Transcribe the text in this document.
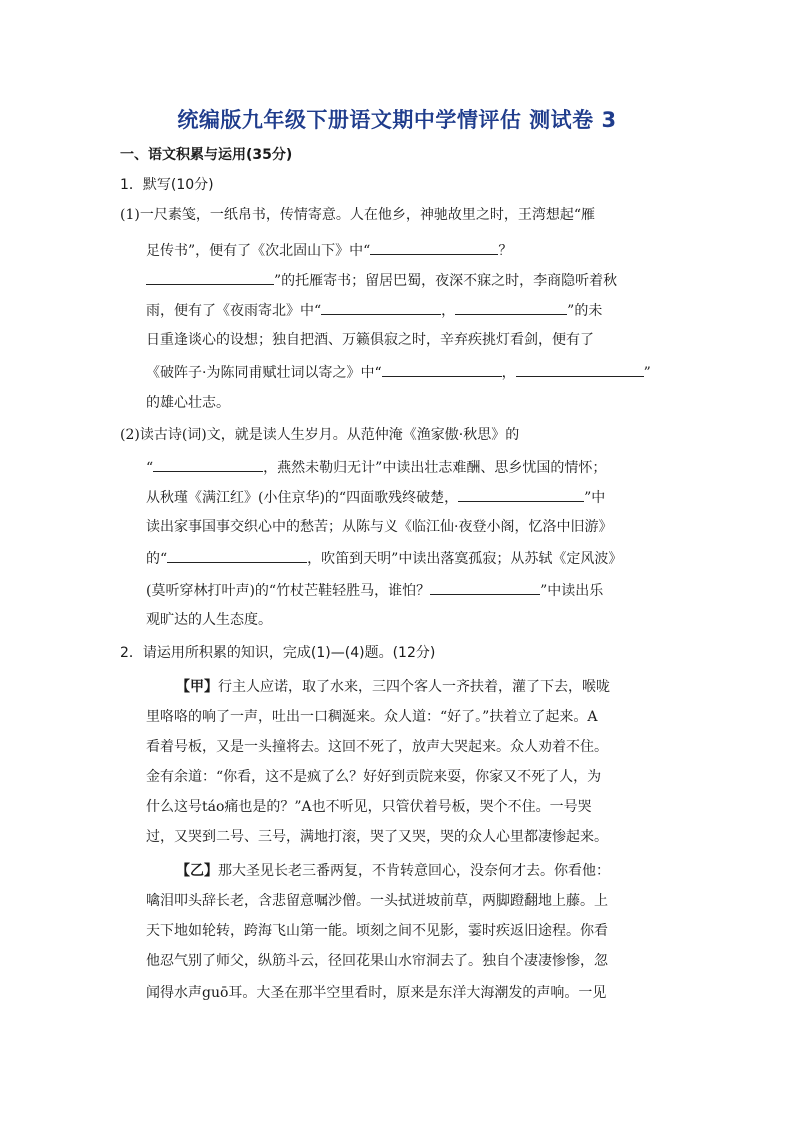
统编版九年级下册语文期中学情评估 测试卷 3
一、语文积累与运用(35分)
1．默写(10分)
(1)一尺素笺，一纸帛书，传情寄意。人在他乡，神驰故里之时，王湾想起“雁
足传书”，便有了《次北固山下》中“	？
”的托雁寄书；留居巴蜀，夜深不寐之时，李商隐听着秋
雨，便有了《夜雨寄北》中“	，	”的未
日重逢谈心的设想；独自把酒、万籁俱寂之时，辛弃疾挑灯看剑，便有了
《破阵子·为陈同甫赋壮词以寄之》中“	，	”
的雄心壮志。
(2)读古诗(词)文，就是读人生岁月。从范仲淹《渔家傲·秋思》的
“	，燕然未勒归无计”中读出壮志难酬、思乡忧国的情怀；
从秋瑾《满江红》(小住京华)的“四面歌残终破楚，	”中
读出家事国事交织心中的愁苦；从陈与义《临江仙·夜登小阁，忆洛中旧游》
的“	，吹笛到天明”中读出落寞孤寂；从苏轼《定风波》
(莫听穿林打叶声)的“竹杖芒鞋轻胜马，谁怕？	”中读出乐
观旷达的人生态度。
2．请运用所积累的知识，完成(1)—(4)题。(12分)
【甲】行主人应诺，取了水来，三四个客人一齐扶着，灌了下去，喉咙
里咯咯的响了一声，吐出一口稠涎来。众人道：“好了。”扶着立了起来。A
看着号板，又是一头撞将去。这回不死了，放声大哭起来。众人劝着不住。
金有余道：“你看，这不是疯了么？好好到贡院来耍，你家又不死了人，为
什么这号táo痛也是的？”A也不听见，只管伏着号板，哭个不住。一号哭
过，又哭到二号、三号，满地打滚，哭了又哭，哭的众人心里都凄惨起来。
【乙】那大圣见长老三番两复，不肯转意回心，没奈何才去。你看他：
噙泪叩头辞长老，含悲留意嘱沙僧。一头拭迸坡前草，两脚蹬翻地上藤。上
天下地如轮转，跨海飞山第一能。顷刻之间不见影，霎时疾返旧途程。你看
他忍气别了师父，纵筋斗云，径回花果山水帘洞去了。独自个凄凄惨惨，忽
闻得水声guō耳。大圣在那半空里看时，原来是东洋大海潮发的声响。一见
